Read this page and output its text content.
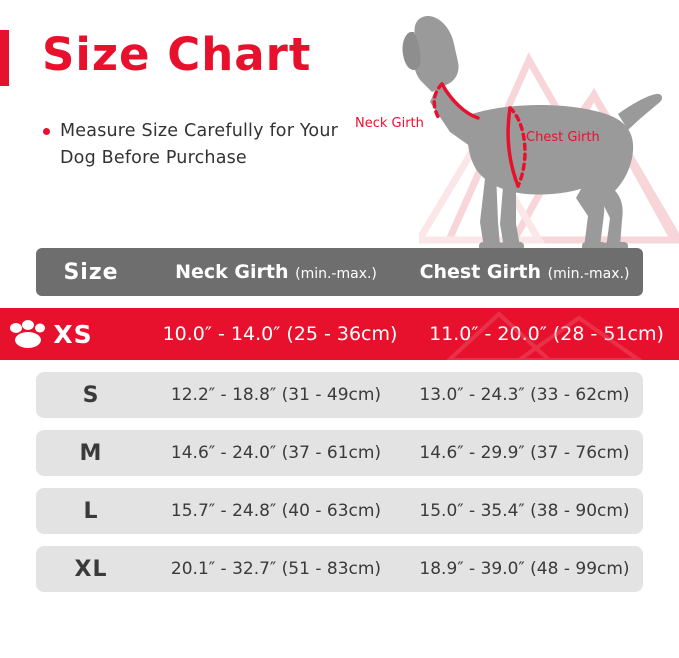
Size Chart
Measure Size Carefully for Your Dog Before Purchase
Neck Girth
Chest Girth
Size	Neck Girth (min.-max.)	Chest Girth (min.-max.)
XS	10.0″ - 14.0″ (25 - 36cm)	11.0″ - 20.0″ (28 - 51cm)
S	12.2″ - 18.8″ (31 - 49cm)	13.0″ - 24.3″ (33 - 62cm)
M	14.6″ - 24.0″ (37 - 61cm)	14.6″ - 29.9″ (37 - 76cm)
L	15.7″ - 24.8″ (40 - 63cm)	15.0″ - 35.4″ (38 - 90cm)
XL	20.1″ - 32.7″ (51 - 83cm)	18.9″ - 39.0″ (48 - 99cm)
